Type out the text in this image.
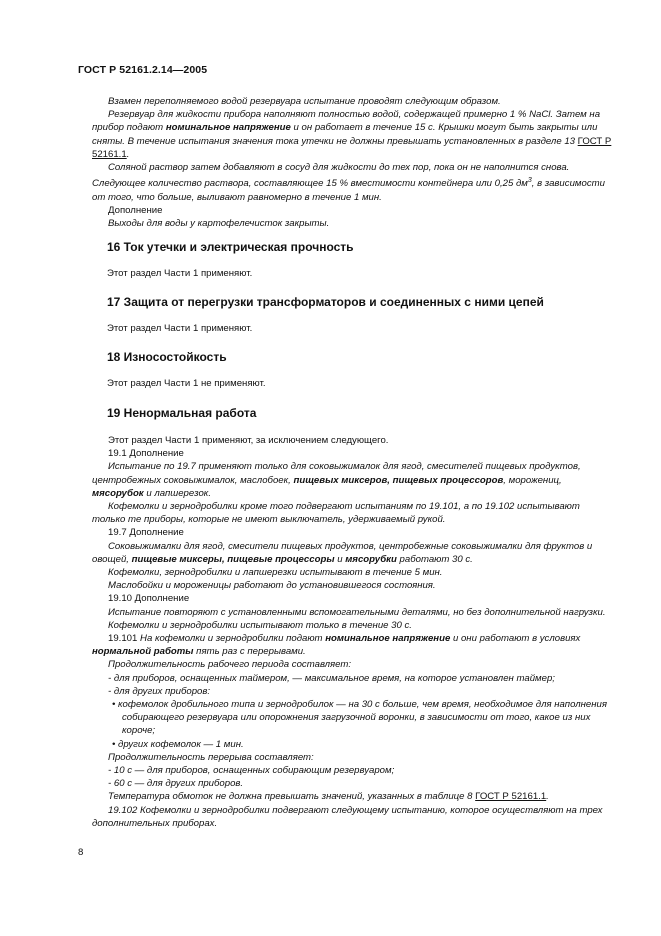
ГОСТ Р 52161.2.14—2005

Взамен переполняемого водой резервуара испытание проводят следующим образом.

Резервуар для жидкости прибора наполняют полностью водой, содержащей примерно 1 % NaCl. Затем на прибор подают номинальное напряжение и он работает в течение 15 с. Крышки могут быть закрыты или сняты. В течение испытания значения тока утечки не должны превышать установленных в разделе 13 ГОСТ Р 52161.1.

Соляной раствор затем добавляют в сосуд для жидкости до тех пор, пока он не наполнится снова. Следующее количество раствора, составляющее 15 % вместимости контейнера или 0,25 $дм^3$, в зависимости от того, что больше, выливают равномерно в течение 1 мин.

Дополнение

Выходы для воды у картофелечисток закрыты.

16 Ток утечки и электрическая прочность
Этот раздел Части 1 применяют.
17 Защита от перегрузки трансформаторов и соединенных с ними цепей
Этот раздел Части 1 применяют.
18 Износостойкость
Этот раздел Части 1 не применяют.
19 Ненормальная работа

Этот раздел Части 1 применяют, за исключением следующего.

19.1 Дополнение

Испытание по 19.7 применяют только для соковыжималок для ягод, смесителей пищевых продуктов, центробежных соковыжималок, маслобоек, пищевых миксеров, пищевых процессоров, морожениц, мясорубок и лапшерезок.

Кофемолки и зернодробилки кроме того подвергают испытаниям по 19.101, а по 19.102 испытывают только те приборы, которые не имеют выключатель, удерживаемый рукой.

19.7 Дополнение

Соковыжималки для ягод, смесители пищевых продуктов, центробежные соковыжималки для фруктов и овощей, пищевые миксеры, пищевые процессоры и мясорубки работают 30 с.

Кофемолки, зернодробилки и лапшерезки испытывают в течение 5 мин.

Маслобойки и мороженицы работают до установившегося состояния.

19.10 Дополнение

Испытание повторяют с установленными вспомогательными деталями, но без дополнительной нагрузки.

Кофемолки и зернодробилки испытывают только в течение 30 с.

19.101 На кофемолки и зернодробилки подают номинальное напряжение и они работают в условиях нормальной работы пять раз с перерывами.

Продолжительность рабочего периода составляет:

- для приборов, оснащенных таймером, — максимальное время, на которое установлен таймер;

- для других приборов:

• кофемолок дробильного типа и зернодробилок — на 30 с больше, чем время, необходимое для наполнения собирающего резервуара или опорожнения загрузочной воронки, в зависимости от того, какое из них короче;

• других кофемолок — 1 мин.

Продолжительность перерыва составляет:

- 10 с — для приборов, оснащенных собирающим резервуаром;

- 60 с — для других приборов.

Температура обмоток не должна превышать значений, указанных в таблице 8 ГОСТ Р 52161.1.

19.102 Кофемолки и зернодробилки подвергают следующему испытанию, которое осуществляют на трех дополнительных приборах.

8
